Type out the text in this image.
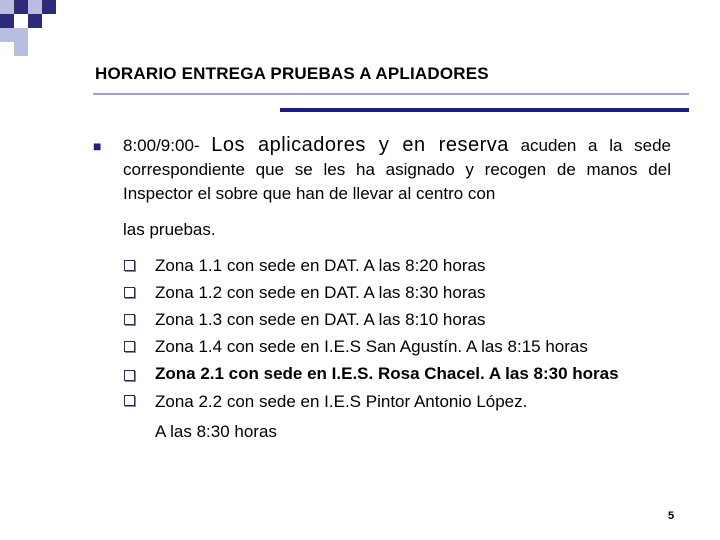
HORARIO ENTREGA PRUEBAS A APLIADORES
■ 8:00/9:00- Los aplicadores y en reserva acuden a la sede correspondiente que se les ha asignado y recogen de manos del Inspector el sobre que han de llevar al centro con
las pruebas.
Zona 1.1 con sede en DAT. A las 8:20 horas
Zona 1.2 con sede en DAT. A las 8:30 horas
Zona 1.3 con sede en DAT. A las 8:10 horas
Zona 1.4 con sede en I.E.S San Agustín. A las 8:15 horas
Zona 2.1 con sede en I.E.S. Rosa Chacel. A las 8:30 horas
Zona 2.2 con sede en I.E.S Pintor Antonio López.
A las 8:30 horas
5
